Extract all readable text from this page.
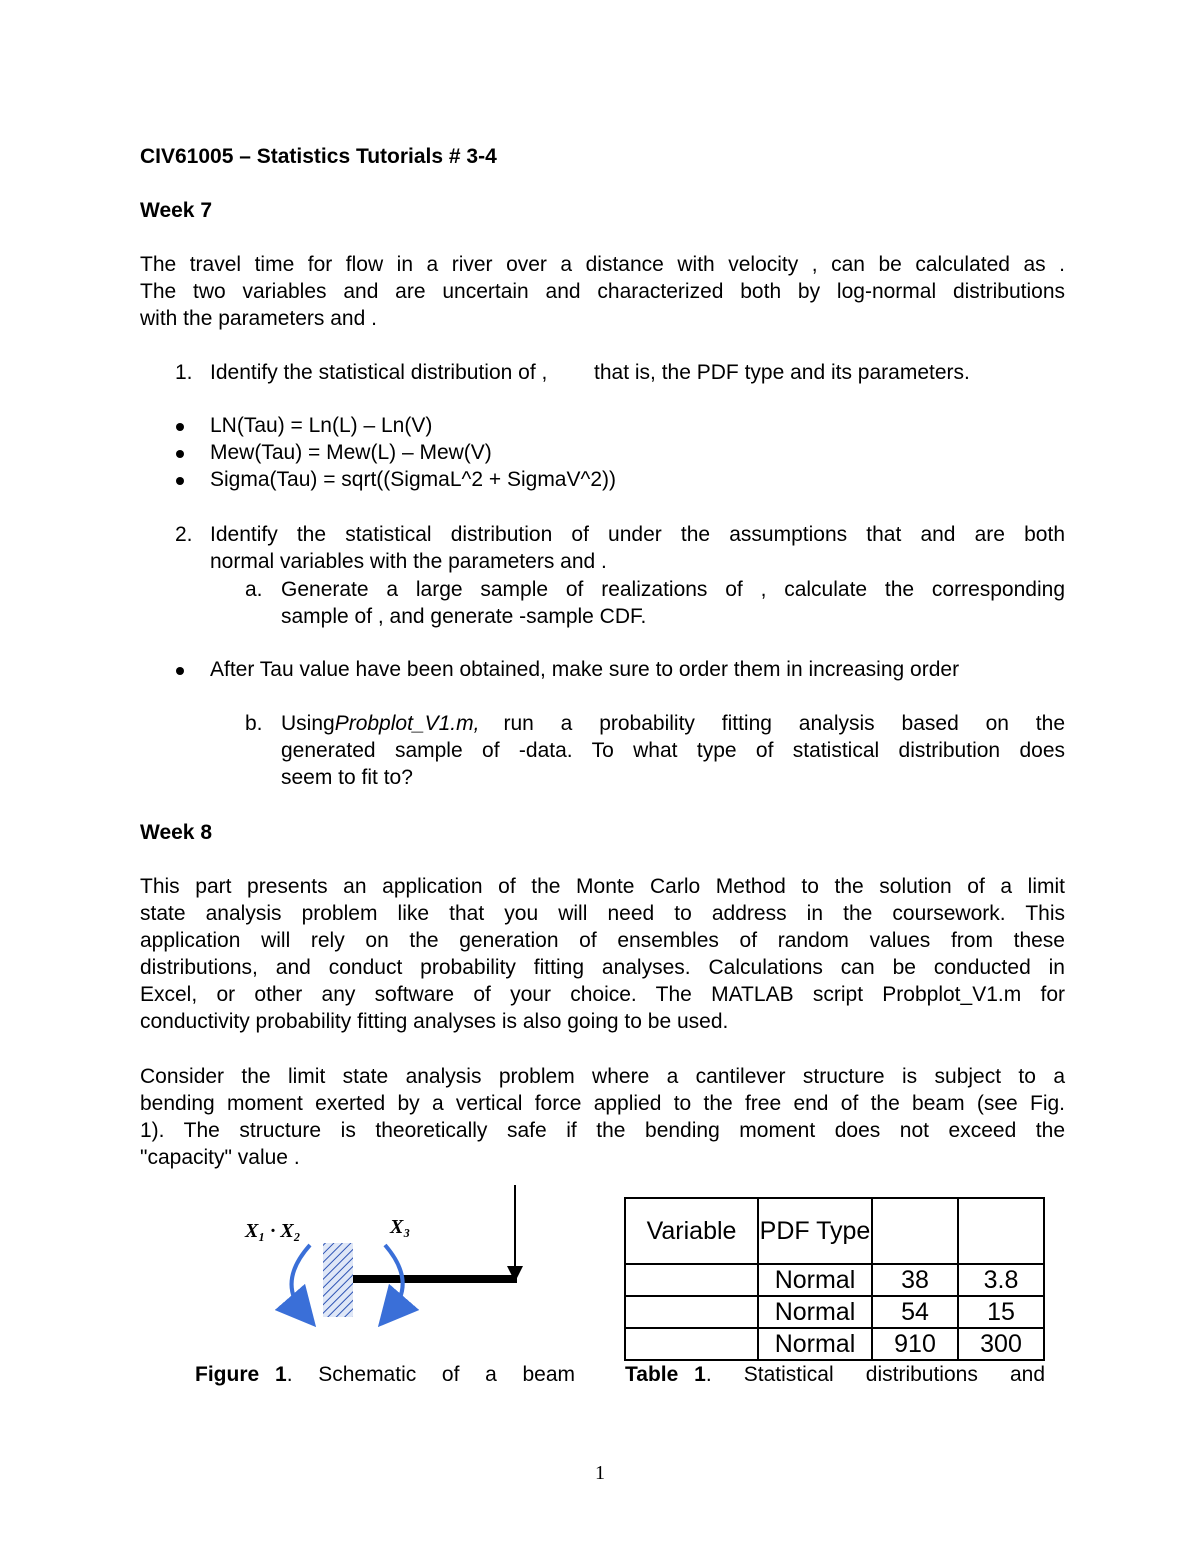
CIV61005 – Statistics Tutorials # 3-4
Week 7
The travel time for flow in a river over a distance with velocity , can be calculated as .
The two variables and are uncertain and characterized both by log-normal distributions
with the parameters and .
1. Identify the statistical distribution of ,        that is, the PDF type and its parameters.
LN(Tau) = Ln(L) – Ln(V)
Mew(Tau) = Mew(L) – Mew(V)
Sigma(Tau) = sqrt((SigmaL^2 + SigmaV^2))
2. Identify the statistical distribution of under the assumptions that and are both
normal variables with the parameters and .
a. Generate a large sample of realizations of , calculate the corresponding
sample of , and generate -sample CDF.
After Tau value have been obtained, make sure to order them in increasing order
b. Using Probplot_V1.m,	run a probability fitting analysis based on the
generated sample of -data. To what type of statistical distribution does
seem to fit to?
Week 8
This part presents an application of the Monte Carlo Method to the solution of a limit
state analysis problem like that you will need to address in the coursework. This
application will rely on the generation of ensembles of random values from these
distributions, and conduct probability fitting analyses. Calculations can be conducted in
Excel, or other any software of your choice. The MATLAB script Probplot_V1.m for
conductivity probability fitting analyses is also going to be used.
Consider the limit state analysis problem where a cantilever structure is subject to a
bending moment exerted by a vertical force applied to the free end of the beam (see Fig.
1). The structure is theoretically safe if the bending moment does not exceed the
"capacity" value .
X₁ · X₂	X₃
Figure 1 . Schematic of a beam
Variable	PDF Type		
	Normal	38	3.8
	Normal	54	15
	Normal	910	300
Table 1 . Statistical distributions and
1
